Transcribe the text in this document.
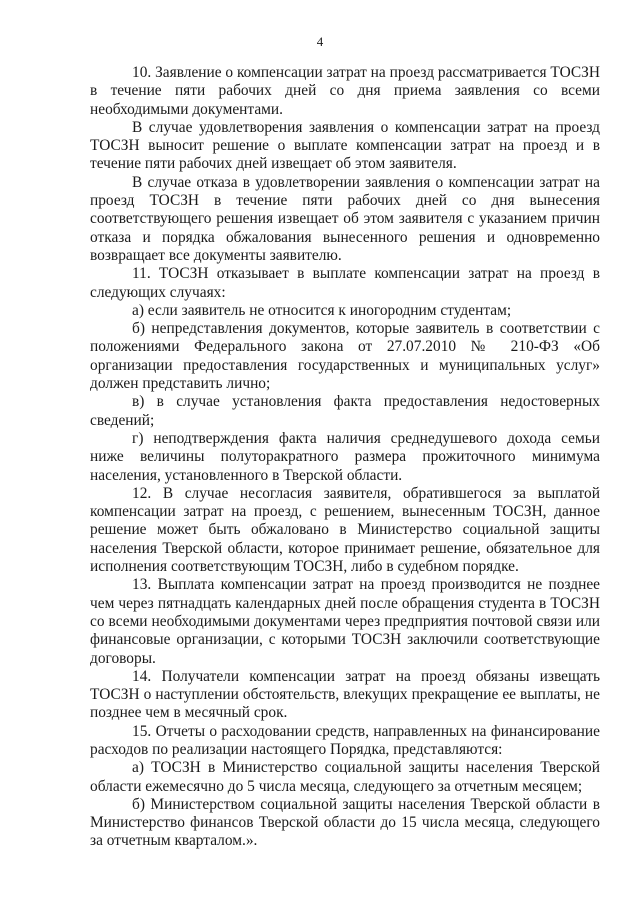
4

10. Заявление о компенсации затрат на проезд рассматривается ТОСЗН в течение пяти рабочих дней со дня приема заявления со всеми необходимыми документами.

В случае удовлетворения заявления о компенсации затрат на проезд ТОСЗН выносит решение о выплате компенсации затрат на проезд и в течение пяти рабочих дней извещает об этом заявителя.

В случае отказа в удовлетворении заявления о компенсации затрат на проезд ТОСЗН в течение пяти рабочих дней со дня вынесения соответствующего решения извещает об этом заявителя с указанием причин отказа и порядка обжалования вынесенного решения и одновременно возвращает все документы заявителю.

11. ТОСЗН отказывает в выплате компенсации затрат на проезд в следующих случаях:

а) если заявитель не относится к иногородним студентам;

б) непредставления документов, которые заявитель в соответствии с положениями Федерального закона от 27.07.2010 № 210-ФЗ «Об организации предоставления государственных и муниципальных услуг» должен представить лично;

в) в случае установления факта предоставления недостоверных сведений;

г) неподтверждения факта наличия среднедушевого дохода семьи ниже величины полуторакратного размера прожиточного минимума населения, установленного в Тверской области.

12. В случае несогласия заявителя, обратившегося за выплатой компенсации затрат на проезд, с решением, вынесенным ТОСЗН, данное решение может быть обжаловано в Министерство социальной защиты населения Тверской области, которое принимает решение, обязательное для исполнения соответствующим ТОСЗН, либо в судебном порядке.

13. Выплата компенсации затрат на проезд производится не позднее чем через пятнадцать календарных дней после обращения студента в ТОСЗН со всеми необходимыми документами через предприятия почтовой связи или финансовые организации, с которыми ТОСЗН заключили соответствующие договоры.

14. Получатели компенсации затрат на проезд обязаны извещать ТОСЗН о наступлении обстоятельств, влекущих прекращение ее выплаты, не позднее чем в месячный срок.

15. Отчеты о расходовании средств, направленных на финансирование расходов по реализации настоящего Порядка, представляются:

а) ТОСЗН в Министерство социальной защиты населения Тверской области ежемесячно до 5 числа месяца, следующего за отчетным месяцем;

б) Министерством социальной защиты населения Тверской области в Министерство финансов Тверской области до 15 числа месяца, следующего за отчетным кварталом.».
